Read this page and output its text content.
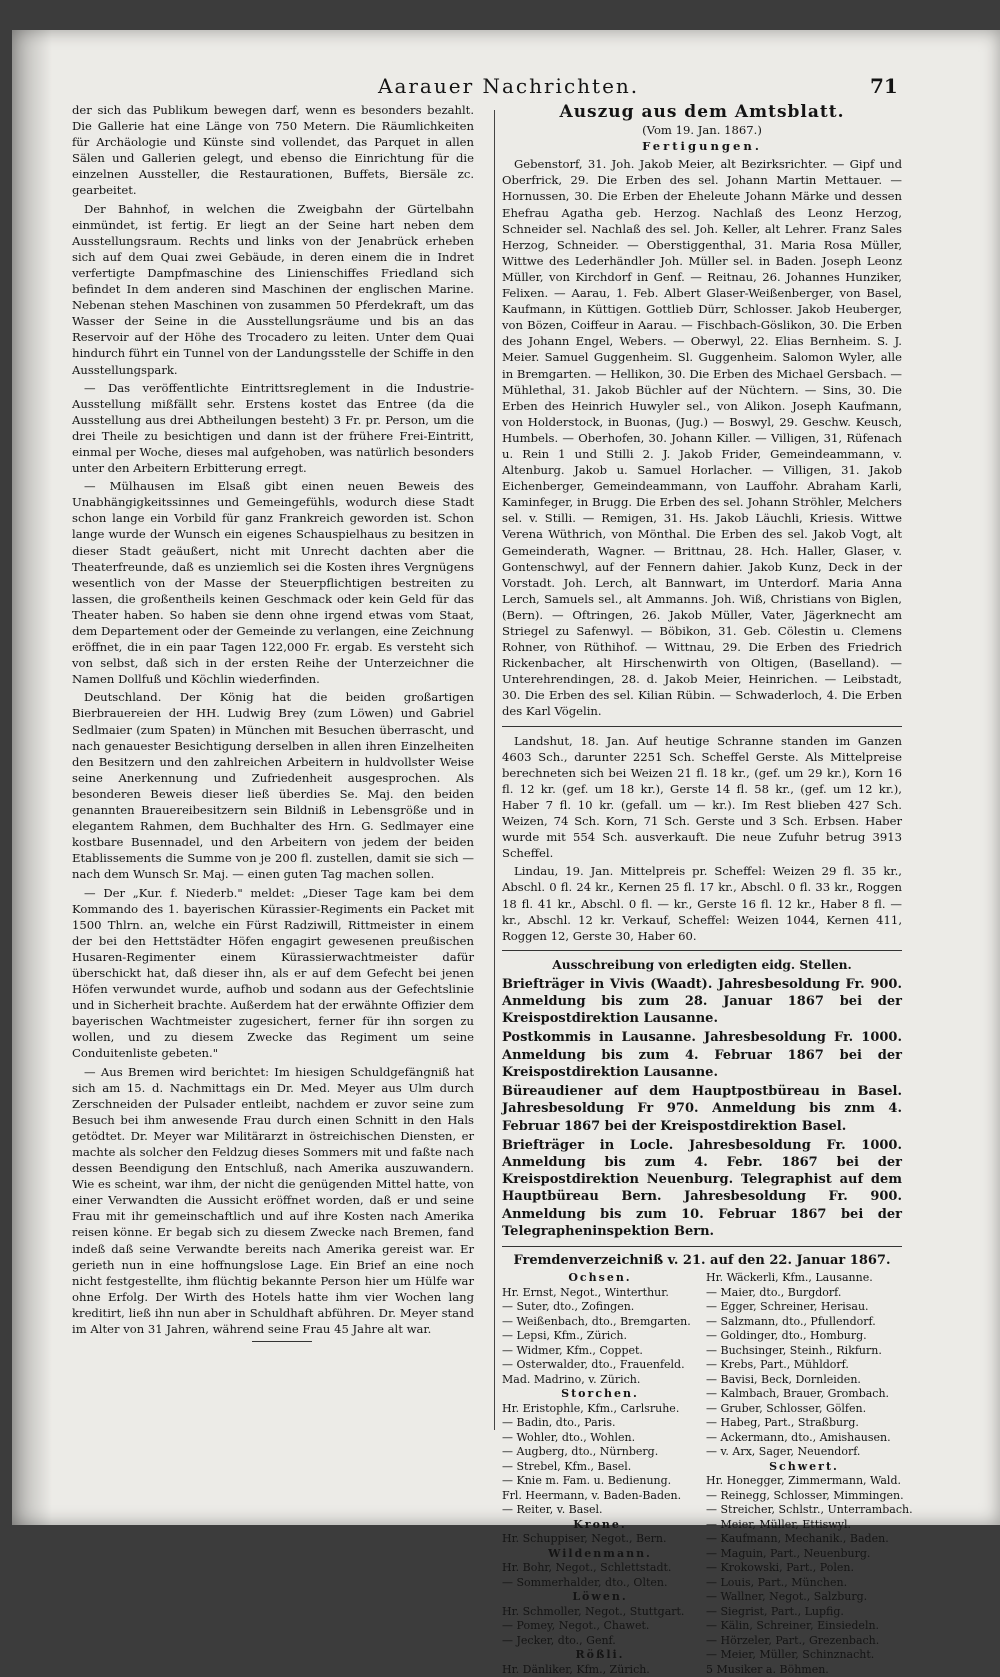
Aarauer Nachrichten.	71

der sich das Publikum bewegen darf, wenn es besonders bezahlt. Die Gallerie hat eine Länge von 750 Metern. Die Räumlichkeiten für Archäologie und Künste sind vollendet, das Parquet in allen Sälen und Gallerien gelegt, und ebenso die Einrichtung für die einzelnen Aussteller, die Restaurationen, Buffets, Biersäle zc. gearbeitet.

Der Bahnhof, in welchen die Zweigbahn der Gürtelbahn einmündet, ist fertig. Er liegt an der Seine hart neben dem Ausstellungsraum. Rechts und links von der Jenabrück erheben sich auf dem Quai zwei Gebäude, in deren einem die in Indret verfertigte Dampfmaschine des Linienschiffes Friedland sich befindet In dem anderen sind Maschinen der englischen Marine. Nebenan stehen Maschinen von zusammen 50 Pferdekraft, um das Wasser der Seine in die Ausstellungsräume und bis an das Reservoir auf der Höhe des Trocadero zu leiten. Unter dem Quai hindurch führt ein Tunnel von der Landungsstelle der Schiffe in den Ausstellungspark.

— Das veröffentlichte Eintrittsreglement in die Industrie-Ausstellung mißfällt sehr. Erstens kostet das Entree (da die Ausstellung aus drei Abtheilungen besteht) 3 Fr. pr. Person, um die drei Theile zu besichtigen und dann ist der frühere Frei-Eintritt, einmal per Woche, dieses mal aufgehoben, was natürlich besonders unter den Arbeitern Erbitterung erregt.

— Mülhausen im Elsaß gibt einen neuen Beweis des Unabhängigkeitssinnes und Gemeingefühls, wodurch diese Stadt schon lange ein Vorbild für ganz Frankreich geworden ist. Schon lange wurde der Wunsch ein eigenes Schauspielhaus zu besitzen in dieser Stadt geäußert, nicht mit Unrecht dachten aber die Theaterfreunde, daß es unziemlich sei die Kosten ihres Vergnügens wesentlich von der Masse der Steuerpflichtigen bestreiten zu lassen, die großentheils keinen Geschmack oder kein Geld für das Theater haben. So haben sie denn ohne irgend etwas vom Staat, dem Departement oder der Gemeinde zu verlangen, eine Zeichnung eröffnet, die in ein paar Tagen 122,000 Fr. ergab. Es versteht sich von selbst, daß sich in der ersten Reihe der Unterzeichner die Namen Dollfuß und Köchlin wiederfinden.

Deutschland. Der König hat die beiden großartigen Bierbrauereien der HH. Ludwig Brey (zum Löwen) und Gabriel Sedlmaier (zum Spaten) in München mit Besuchen überrascht, und nach genauester Besichtigung derselben in allen ihren Einzelheiten den Besitzern und den zahlreichen Arbeitern in huldvollster Weise seine Anerkennung und Zufriedenheit ausgesprochen. Als besonderen Beweis dieser ließ überdies Se. Maj. den beiden genannten Brauereibesitzern sein Bildniß in Lebensgröße und in elegantem Rahmen, dem Buchhalter des Hrn. G. Sedlmayer eine kostbare Busennadel, und den Arbeitern von jedem der beiden Etablissements die Summe von je 200 fl. zustellen, damit sie sich — nach dem Wunsch Sr. Maj. — einen guten Tag machen sollen.

— Der „Kur. f. Niederb." meldet: „Dieser Tage kam bei dem Kommando des 1. bayerischen Kürassier-Regiments ein Packet mit 1500 Thlrn. an, welche ein Fürst Radziwill, Rittmeister in einem der bei den Hettstädter Höfen engagirt gewesenen preußischen Husaren-Regimenter einem Kürassierwachtmeister dafür überschickt hat, daß dieser ihn, als er auf dem Gefecht bei jenen Höfen verwundet wurde, aufhob und sodann aus der Gefechtslinie und in Sicherheit brachte. Außerdem hat der erwähnte Offizier dem bayerischen Wachtmeister zugesichert, ferner für ihn sorgen zu wollen, und zu diesem Zwecke das Regiment um seine Conduitenliste gebeten."

— Aus Bremen wird berichtet: Im hiesigen Schuldgefängniß hat sich am 15. d. Nachmittags ein Dr. Med. Meyer aus Ulm durch Zerschneiden der Pulsader entleibt, nachdem er zuvor seine zum Besuch bei ihm anwesende Frau durch einen Schnitt in den Hals getödtet. Dr. Meyer war Militärarzt in östreichischen Diensten, er machte als solcher den Feldzug dieses Sommers mit und faßte nach dessen Beendigung den Entschluß, nach Amerika auszuwandern. Wie es scheint, war ihm, der nicht die genügenden Mittel hatte, von einer Verwandten die Aussicht eröffnet worden, daß er und seine Frau mit ihr gemeinschaftlich und auf ihre Kosten nach Amerika reisen könne. Er begab sich zu diesem Zwecke nach Bremen, fand indeß daß seine Verwandte bereits nach Amerika gereist war. Er gerieth nun in eine hoffnungslose Lage. Ein Brief an eine noch nicht festgestellte, ihm flüchtig bekannte Person hier um Hülfe war ohne Erfolg. Der Wirth des Hotels hatte ihm vier Wochen lang kreditirt, ließ ihn nun aber in Schuldhaft abführen. Dr. Meyer stand im Alter von 31 Jahren, während seine Frau 45 Jahre alt war.

Auszug aus dem Amtsblatt.
(Vom 19. Jan. 1867.)
Fertigungen.

Gebenstorf, 31. Joh. Jakob Meier, alt Bezirksrichter. — Gipf und Oberfrick, 29. Die Erben des sel. Johann Martin Mettauer. — Hornussen, 30. Die Erben der Eheleute Johann Märke und dessen Ehefrau Agatha geb. Herzog. Nachlaß des Leonz Herzog, Schneider sel. Nachlaß des sel. Joh. Keller, alt Lehrer. Franz Sales Herzog, Schneider. — Oberstiggenthal, 31. Maria Rosa Müller, Wittwe des Lederhändler Joh. Müller sel. in Baden. Joseph Leonz Müller, von Kirchdorf in Genf. — Reitnau, 26. Johannes Hunziker, Felixen. — Aarau, 1. Feb. Albert Glaser-Weißenberger, von Basel, Kaufmann, in Küttigen. Gottlieb Dürr, Schlosser. Jakob Heuberger, von Bözen, Coiffeur in Aarau. — Fischbach-Göslikon, 30. Die Erben des Johann Engel, Webers. — Oberwyl, 22. Elias Bernheim. S. J. Meier. Samuel Guggenheim. Sl. Guggenheim. Salomon Wyler, alle in Bremgarten. — Hellikon, 30. Die Erben des Michael Gersbach. — Mühlethal, 31. Jakob Büchler auf der Nüchtern. — Sins, 30. Die Erben des Heinrich Huwyler sel., von Alikon. Joseph Kaufmann, von Holderstock, in Buonas, (Jug.) — Boswyl, 29. Geschw. Keusch, Humbels. — Oberhofen, 30. Johann Killer. — Villigen, 31, Rüfenach u. Rein 1 und Stilli 2. J. Jakob Frider, Gemeindeammann, v. Altenburg. Jakob u. Samuel Horlacher. — Villigen, 31. Jakob Eichenberger, Gemeindeammann, von Lauffohr. Abraham Karli, Kaminfeger, in Brugg. Die Erben des sel. Johann Ströhler, Melchers sel. v. Stilli. — Remigen, 31. Hs. Jakob Läuchli, Kriesis. Wittwe Verena Wüthrich, von Mönthal. Die Erben des sel. Jakob Vogt, alt Gemeinderath, Wagner. — Brittnau, 28. Hch. Haller, Glaser, v. Gontenschwyl, auf der Fennern dahier. Jakob Kunz, Deck in der Vorstadt. Joh. Lerch, alt Bannwart, im Unterdorf. Maria Anna Lerch, Samuels sel., alt Ammanns. Joh. Wiß, Christians von Biglen, (Bern). — Oftringen, 26. Jakob Müller, Vater, Jägerknecht am Striegel zu Safenwyl. — Böbikon, 31. Geb. Cölestin u. Clemens Rohner, von Rüthihof. — Wittnau, 29. Die Erben des Friedrich Rickenbacher, alt Hirschenwirth von Oltigen, (Baselland). — Unterehrendingen, 28. d. Jakob Meier, Heinrichen. — Leibstadt, 30. Die Erben des sel. Kilian Rübin. — Schwaderloch, 4. Die Erben des Karl Vögelin.

Landshut, 18. Jan. Auf heutige Schranne standen im Ganzen 4603 Sch., darunter 2251 Sch. Scheffel Gerste. Als Mittelpreise berechneten sich bei Weizen 21 fl. 18 kr., (gef. um 29 kr.), Korn 16 fl. 12 kr. (gef. um 18 kr.), Gerste 14 fl. 58 kr., (gef. um 12 kr.), Haber 7 fl. 10 kr. (gefall. um — kr.). Im Rest blieben 427 Sch. Weizen, 74 Sch. Korn, 71 Sch. Gerste und 3 Sch. Erbsen. Haber wurde mit 554 Sch. ausverkauft. Die neue Zufuhr betrug 3913 Scheffel.

Lindau, 19. Jan. Mittelpreis pr. Scheffel: Weizen 29 fl. 35 kr., Abschl. 0 fl. 24 kr., Kernen 25 fl. 17 kr., Abschl. 0 fl. 33 kr., Roggen 18 fl. 41 kr., Abschl. 0 fl. — kr., Gerste 16 fl. 12 kr., Haber 8 fl. — kr., Abschl. 12 kr. Verkauf, Scheffel: Weizen 1044, Kernen 411, Roggen 12, Gerste 30, Haber 60.

Ausschreibung von erledigten eidg. Stellen.

Briefträger in Vivis (Waadt). Jahresbesoldung Fr. 900. Anmeldung bis zum 28. Januar 1867 bei der Kreispostdirektion Lausanne.

Postkommis in Lausanne. Jahresbesoldung Fr. 1000. Anmeldung bis zum 4. Februar 1867 bei der Kreispostdirektion Lausanne.

Büreaudiener auf dem Hauptpostbüreau in Basel. Jahresbesoldung Fr 970. Anmeldung bis znm 4. Februar 1867 bei der Kreispostdirektion Basel.

Briefträger in Locle. Jahresbesoldung Fr. 1000. Anmeldung bis zum 4. Febr. 1867 bei der Kreispostdirektion Neuenburg. Telegraphist auf dem Hauptbüreau Bern. Jahresbesoldung Fr. 900. Anmeldung bis zum 10. Februar 1867 bei der Telegrapheninspektion Bern.

Fremdenverzeichniß v. 21. auf den 22. Januar 1867.
Ochsen.
Hr. Ernst, Negot., Winterthur.
— Suter, dto., Zofingen.
— Weißenbach, dto., Bremgarten.
— Lepsi, Kfm., Zürich.
— Widmer, Kfm., Coppet.
— Osterwalder, dto., Frauenfeld.
Mad. Madrino, v. Zürich.
Storchen.
Hr. Eristophle, Kfm., Carlsruhe.
— Badin, dto., Paris.
— Wohler, dto., Wohlen.
— Augberg, dto., Nürnberg.
— Strebel, Kfm., Basel.
— Knie m. Fam. u. Bedienung.
Frl. Heermann, v. Baden-Baden.
— Reiter, v. Basel.
Krone.
Hr. Schuppiser, Negot., Bern.
Wildenmann.
Hr. Bohr, Negot., Schlettstadt.
— Sommerhalder, dto., Olten.
Löwen.
Hr. Schmoller, Negot., Stuttgart.
— Pomey, Negot., Chawet.
— Jecker, dto., Genf.
Rößli.
Hr. Dänliker, Kfm., Zürich.
Hr. Wäckerli, Kfm., Lausanne.
— Maier, dto., Burgdorf.
— Egger, Schreiner, Herisau.
— Salzmann, dto., Pfullendorf.
— Goldinger, dto., Homburg.
— Buchsinger, Steinh., Rikfurn.
— Krebs, Part., Mühldorf.
— Bavisi, Beck, Dornleiden.
— Kalmbach, Brauer, Grombach.
— Gruber, Schlosser, Gölfen.
— Habeg, Part., Straßburg.
— Ackermann, dto., Amishausen.
— v. Arx, Sager, Neuendorf.
Schwert.
Hr. Honegger, Zimmermann, Wald.
— Reinegg, Schlosser, Mimmingen.
— Streicher, Schlstr., Unterrambach.
— Meier, Müller, Ettiswyl.
— Kaufmann, Mechanik., Baden.
— Maguin, Part., Neuenburg.
— Krokowski, Part., Polen.
— Louis, Part., München.
— Wallner, Negot., Salzburg.
— Siegrist, Part., Lupfig.
— Kälin, Schreiner, Einsiedeln.
— Hörzeler, Part., Grezenbach.
— Meier, Müller, Schinznacht.
5 Musiker a. Böhmen.
